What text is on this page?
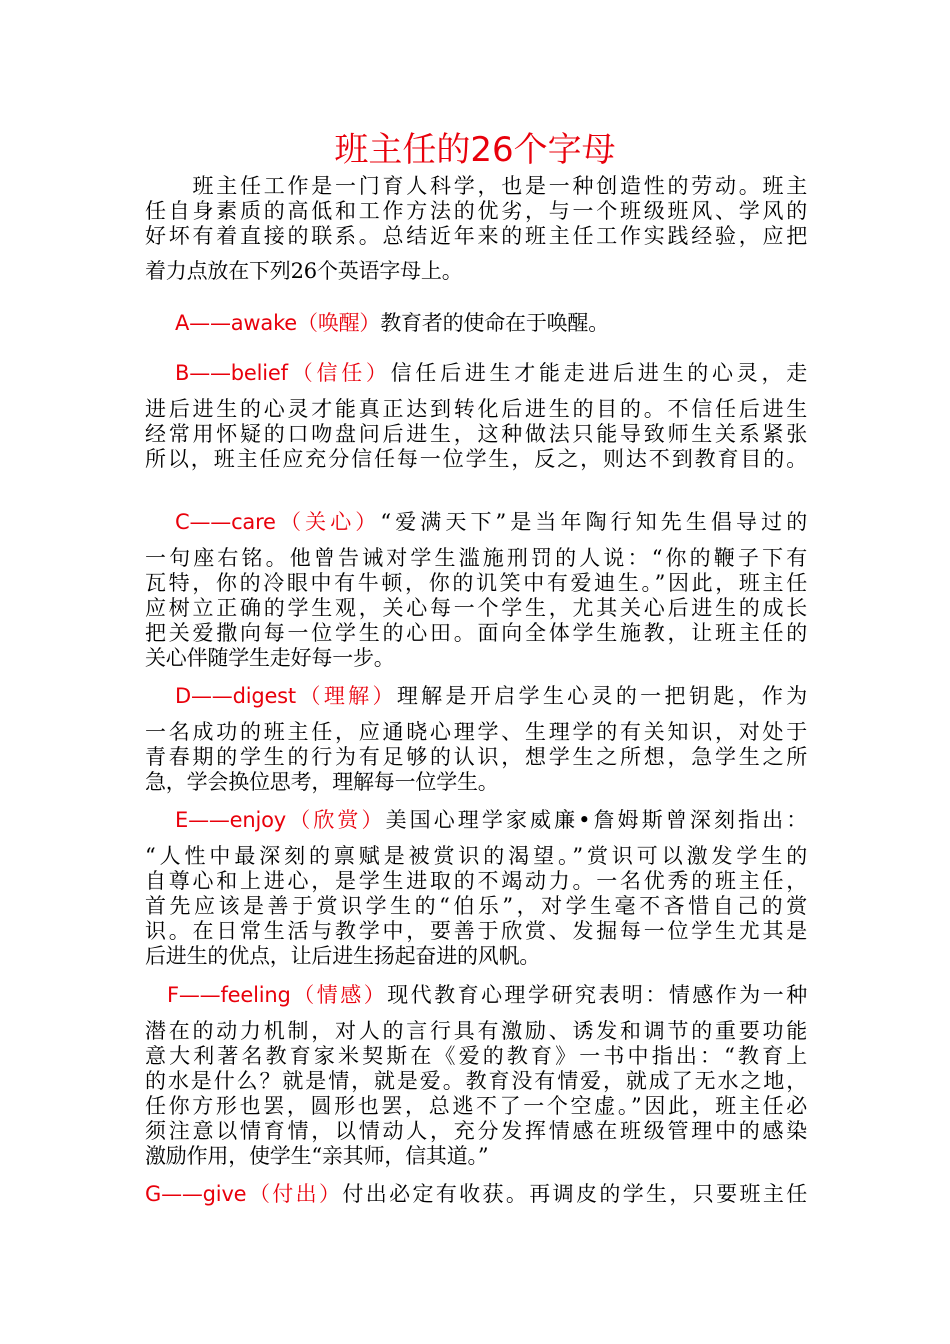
班主任的26个字母
　　班主任工作是一门育人科学，也是一种创造性的劳动。班主
任自身素质的高低和工作方法的优劣，与一个班级班风、学风的
好坏有着直接的联系。总结近年来的班主任工作实践经验，应把
着力点放在下列26个英语字母上。
A——awake（唤醒）教育者的使命在于唤醒。
B——belief（信任）信任后进生才能走进后进生的心灵，走
进后进生的心灵才能真正达到转化后进生的目的。不信任后进生
经常用怀疑的口吻盘问后进生，这种做法只能导致师生关系紧张
所以，班主任应充分信任每一位学生，反之，则达不到教育目的。
C——care（关心）“爱满天下”是当年陶行知先生倡导过的
一句座右铭。他曾告诫对学生滥施刑罚的人说：“你的鞭子下有
瓦特，你的冷眼中有牛顿，你的讥笑中有爱迪生。”因此，班主任
应树立正确的学生观，关心每一个学生，尤其关心后进生的成长
把关爱撒向每一位学生的心田。面向全体学生施教，让班主任的
关心伴随学生走好每一步。
D——digest（理解）理解是开启学生心灵的一把钥匙，作为
一名成功的班主任，应通晓心理学、生理学的有关知识，对处于
青春期的学生的行为有足够的认识，想学生之所想，急学生之所
急，学会换位思考，理解每一位学生。
E——enjoy（欣赏）美国心理学家威廉•詹姆斯曾深刻指出：
“人性中最深刻的禀赋是被赏识的渴望。”赏识可以激发学生的
自尊心和上进心，是学生进取的不竭动力。一名优秀的班主任，
首先应该是善于赏识学生的“伯乐”，对学生毫不吝惜自己的赏
识。在日常生活与教学中，要善于欣赏、发掘每一位学生尤其是
后进生的优点，让后进生扬起奋进的风帆。
F——feeling（情感）现代教育心理学研究表明：情感作为一种
潜在的动力机制，对人的言行具有激励、诱发和调节的重要功能
意大利著名教育家米契斯在《爱的教育》一书中指出：“教育上
的水是什么？就是情，就是爱。教育没有情爱，就成了无水之地，
任你方形也罢，圆形也罢，总逃不了一个空虚。”因此，班主任必
须注意以情育情，以情动人，充分发挥情感在班级管理中的感染
激励作用，使学生“亲其师，信其道。”
G——give（付出）付出必定有收获。再调皮的学生，只要班主任
